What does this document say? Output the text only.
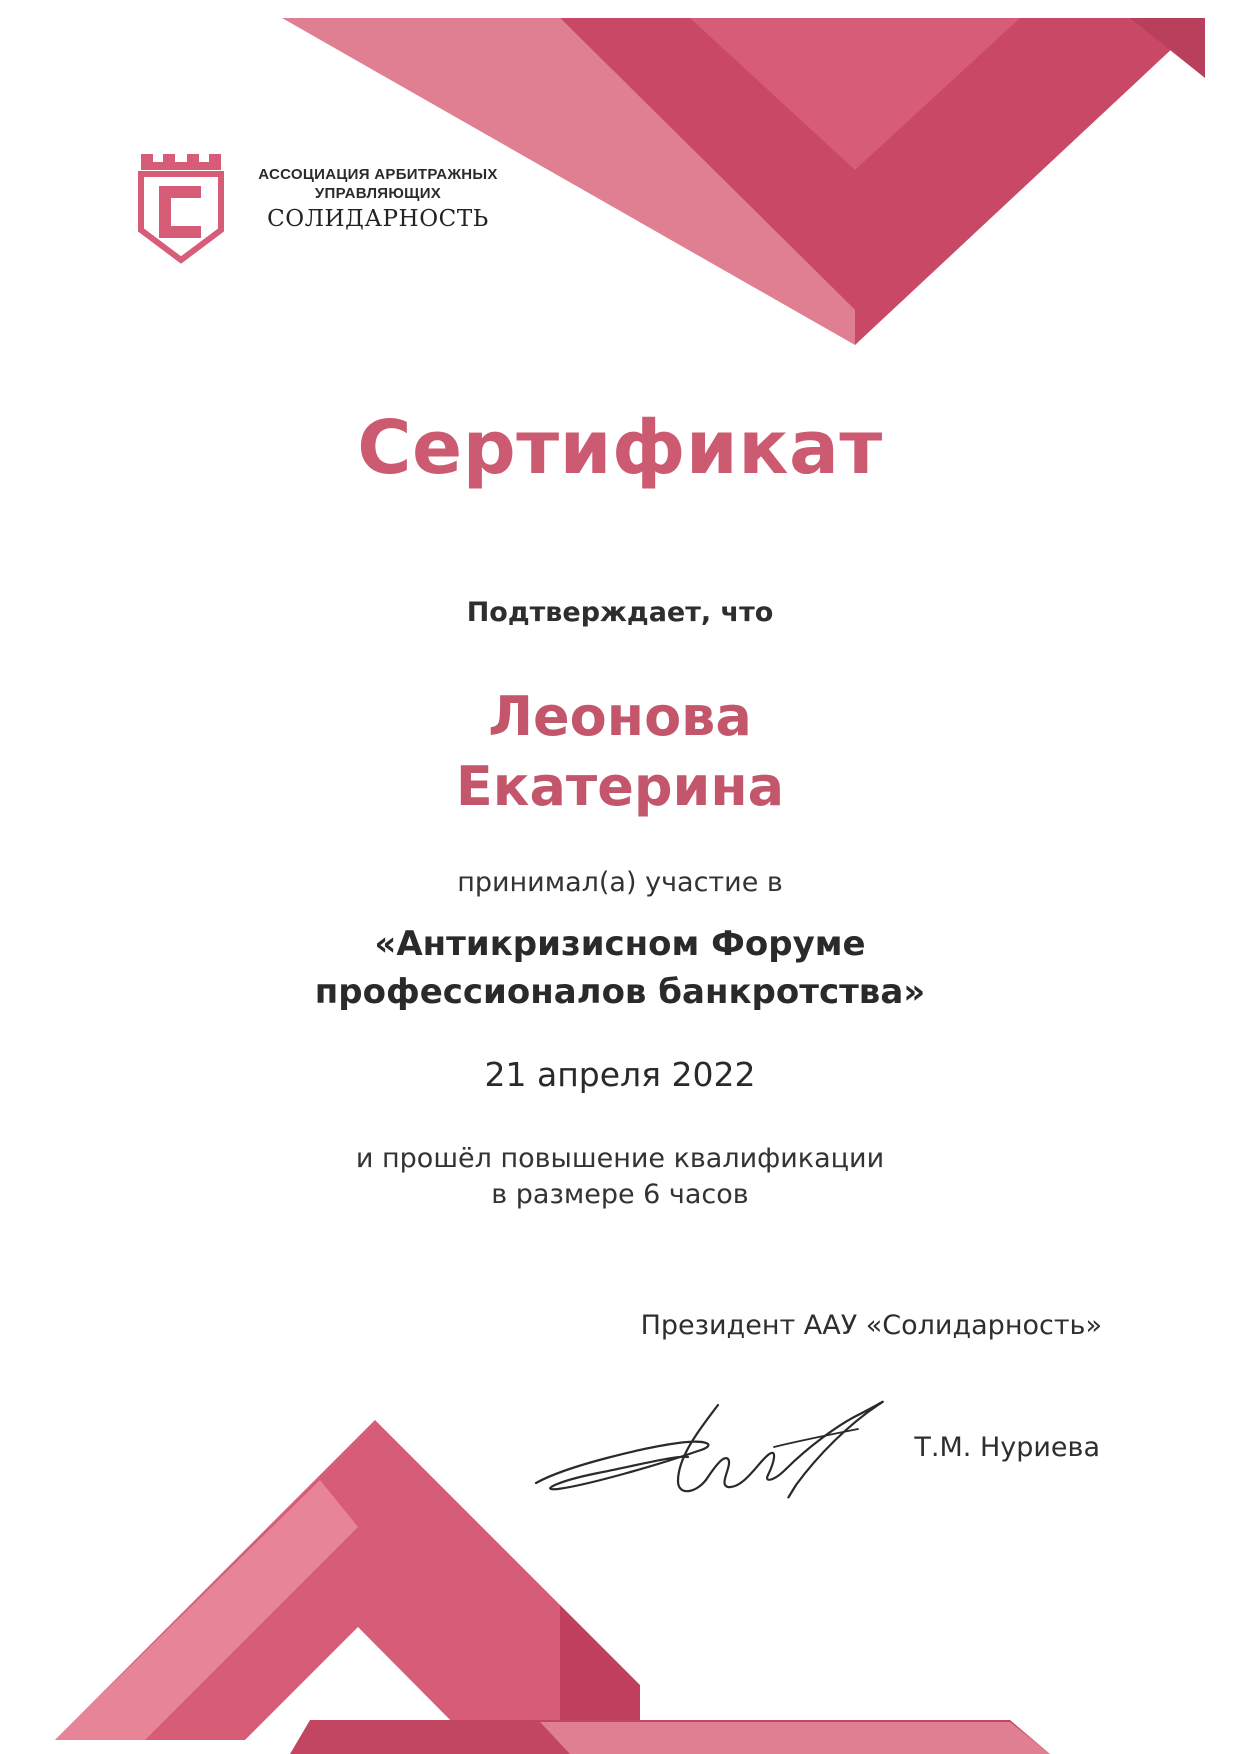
АССОЦИАЦИЯ АРБИТРАЖНЫХ
УПРАВЛЯЮЩИХ
СОЛИДАРНОСТЬ
Сертификат
Подтверждает, что
Леонова
Екатерина
принимал(а) участие в
«Антикризисном Форуме
профессионалов банкротства»
21 апреля 2022
и прошёл повышение квалификации
в размере 6 часов
Президент ААУ «Солидарность»
Т.М. Нуриева
